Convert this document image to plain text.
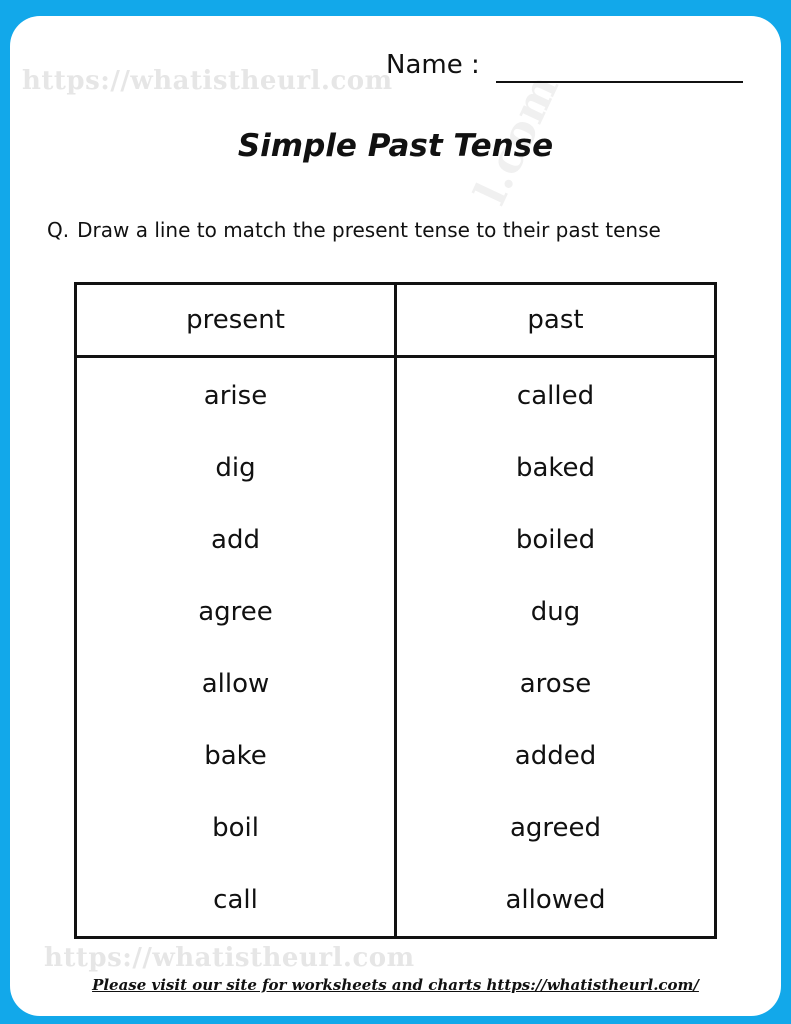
https://whatistheurl.com l.com
https://whatistheurl.com
Name :
Simple Past Tense
Q. Draw a line to match the present tense to their past tense
present	past
arise	called
dig	baked
add	boiled
agree	dug
allow	arose
bake	added
boil	agreed
call	allowed
Please visit our site for worksheets and charts https://whatistheurl.com/
